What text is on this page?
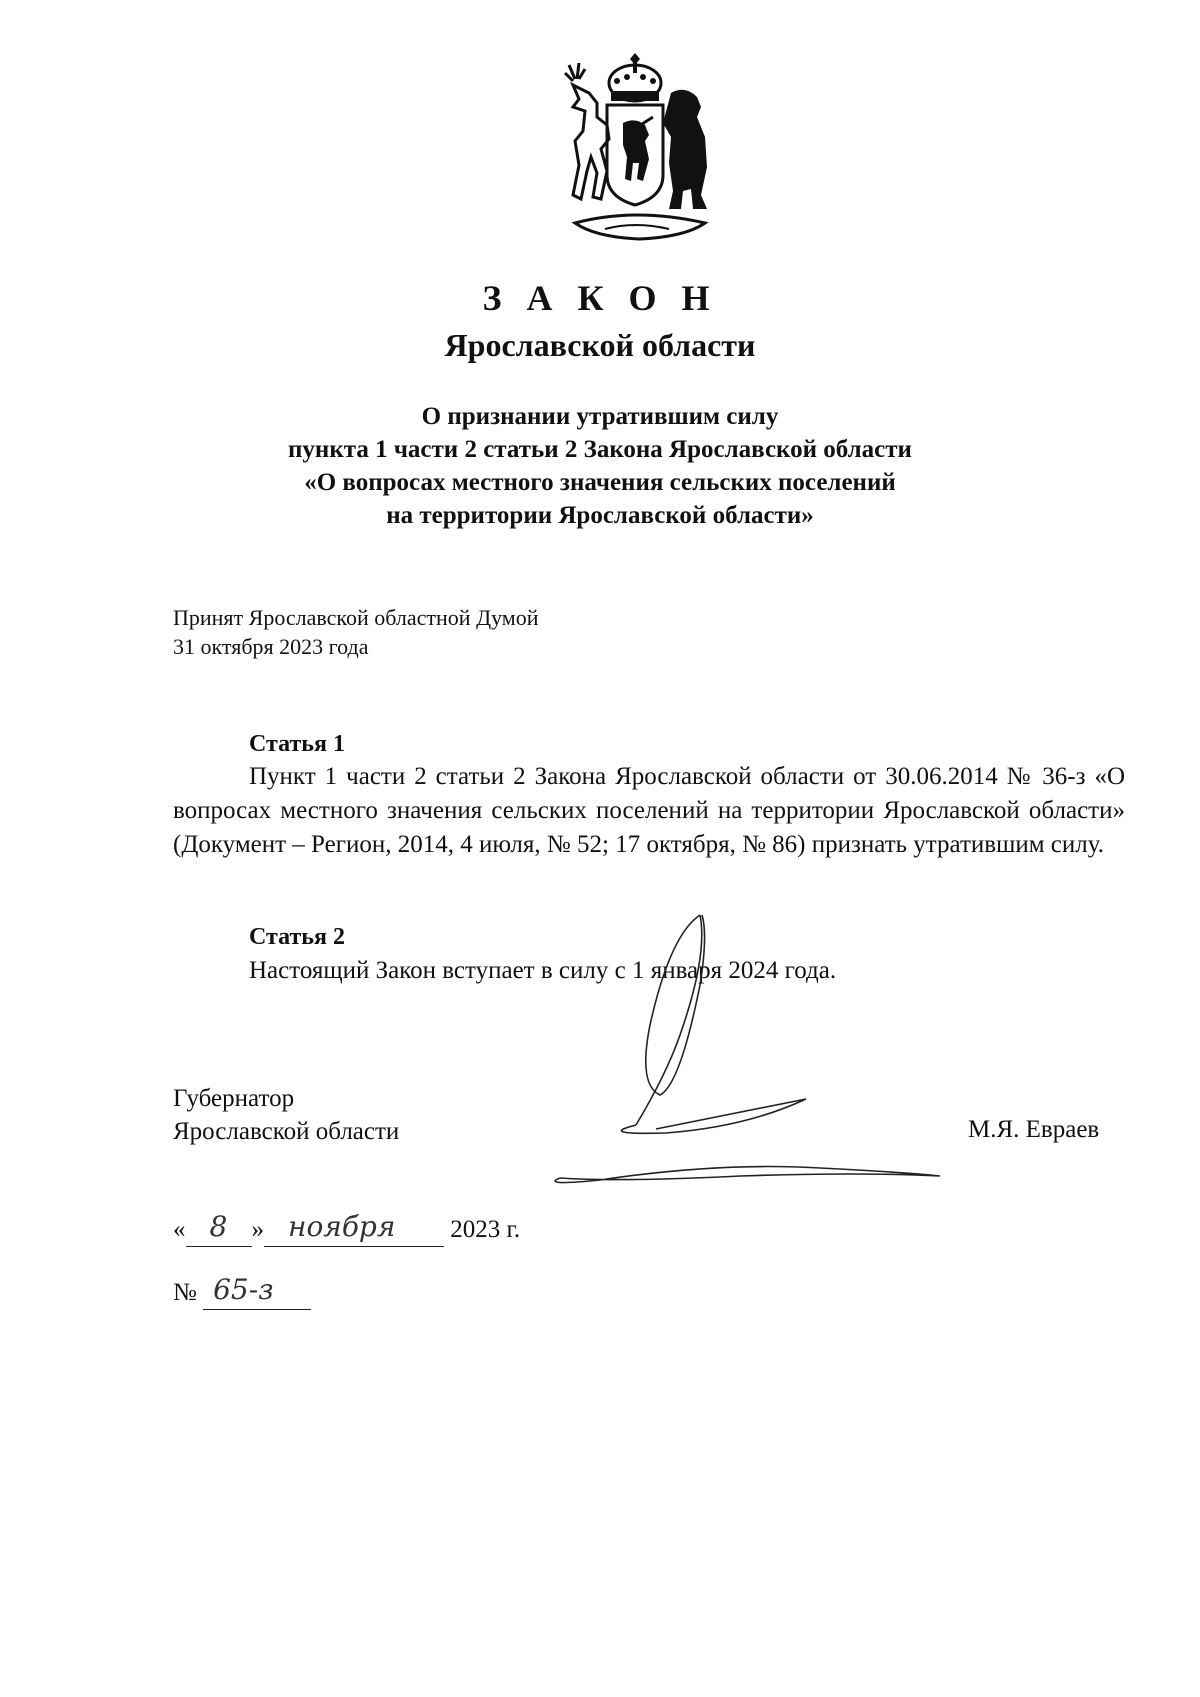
З А К О Н
Ярославской области
О признании утратившим силу
пункта 1 части 2 статьи 2 Закона Ярославской области
«О вопросах местного значения сельских поселений
на территории Ярославской области»
Принят Ярославской областной Думой
31 октября 2023 года
Статья 1
Пункт 1 части 2 статьи 2 Закона Ярославской области от 30.06.2014 № 36-з «О вопросах местного значения сельских поселений на территории Ярославской области» (Документ – Регион, 2014, 4 июля, № 52; 17 октября, № 86) признать утратившим силу.
Статья 2
Настоящий Закон вступает в силу с 1 января 2024 года.
Губернатор
Ярославской области	М.Я. Евраев
« 8 » ноября 2023 г.
№ 65-з
